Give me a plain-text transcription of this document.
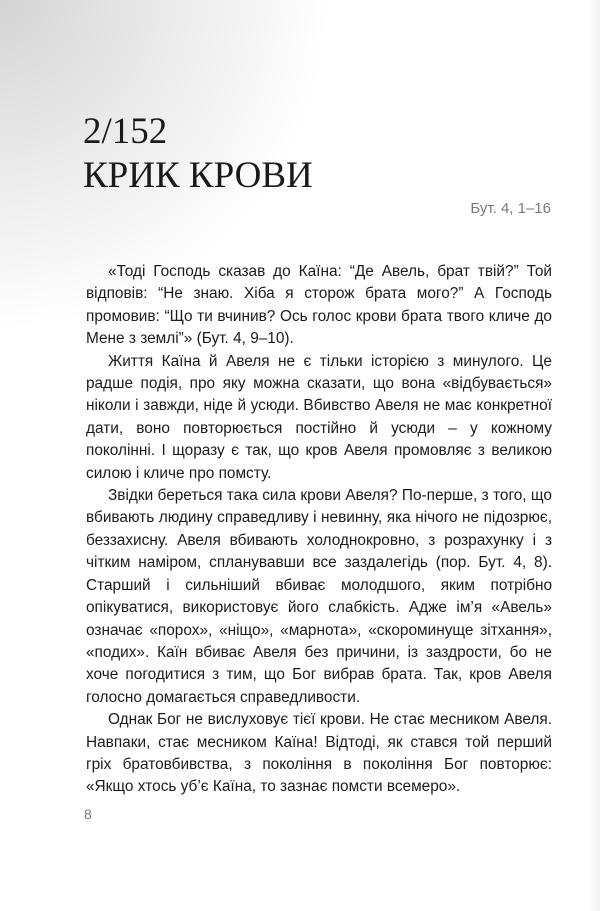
2/152
КРИК КРОВИ
Бут. 4, 1–16

«Тоді Господь сказав до Каїна: “Де Авель, брат твій?” Той відповів: “Не знаю. Хіба я сторож брата мого?” А Господь промовив: “Що ти вчинив? Ось голос крови брата твого кличе до Мене з землі”» (Бут. 4, 9–10).

Життя Каїна й Авеля не є тільки історією з минулого. Це радше подія, про яку можна сказати, що вона «відбувається» ніколи і завжди, ніде й усюди. Вбивство Авеля не має конкретної дати, воно повторюється постійно й усюди – у кожному поколінні. І щоразу є так, що кров Авеля промовляє з великою силою і кличе про помсту.

Звідки береться така сила крови Авеля? По-перше, з того, що вбивають людину справедливу і невинну, яка нічого не підозрює, беззахисну. Авеля вбивають холоднокровно, з розрахунку і з чітким наміром, спланувавши все заздалегідь (пор. Бут. 4, 8). Старший і сильніший вбиває молодшого, яким потрібно опікуватися, використовує його слабкість. Адже ім’я «Авель» означає «порох», «ніщо», «марнота», «скороминуще зітхання», «подих». Каїн вбиває Авеля без причини, із заздрости, бо не хоче погодитися з тим, що Бог вибрав брата. Так, кров Авеля голосно домагається справедливости.

Однак Бог не вислуховує тієї крови. Не стає месником Авеля. Навпаки, стає месником Каїна! Відтоді, як стався той перший гріх братовбивства, з покоління в покоління Бог повторює: «Якщо хтось уб’є Каїна, то зазнає помсти всемеро».

8
